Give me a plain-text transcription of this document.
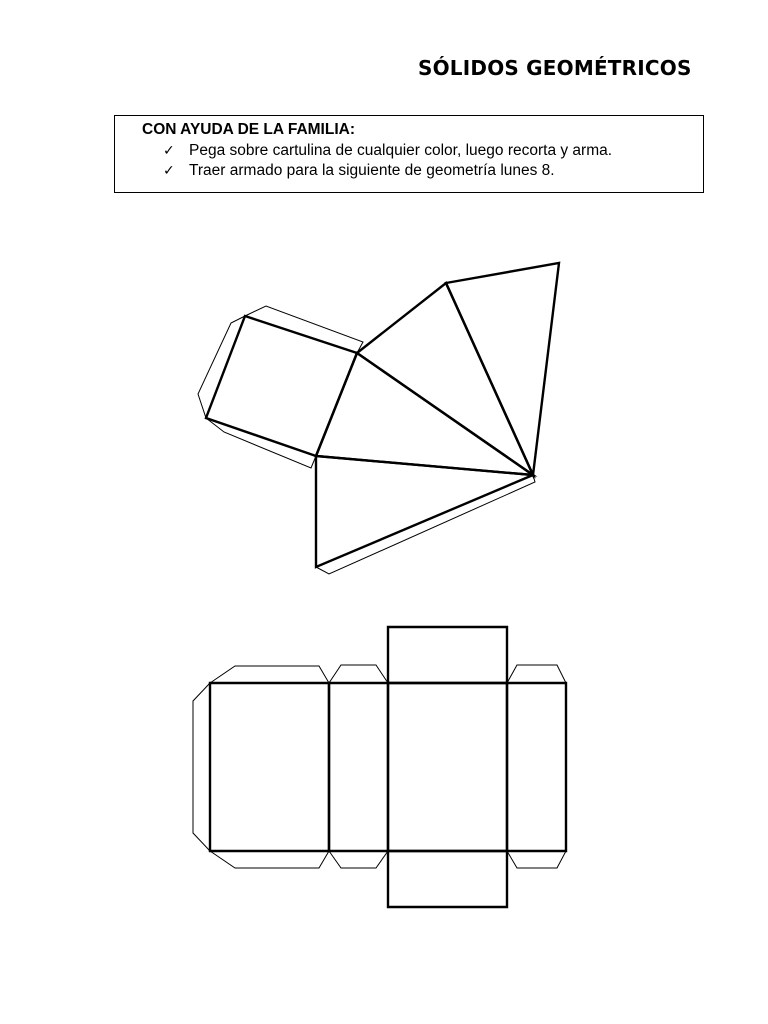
SÓLIDOS GEOMÉTRICOS
CON AYUDA DE LA FAMILIA:
✓ Pega sobre cartulina de cualquier color, luego recorta y arma.
✓ Traer armado para la siguiente de geometría lunes 8.
